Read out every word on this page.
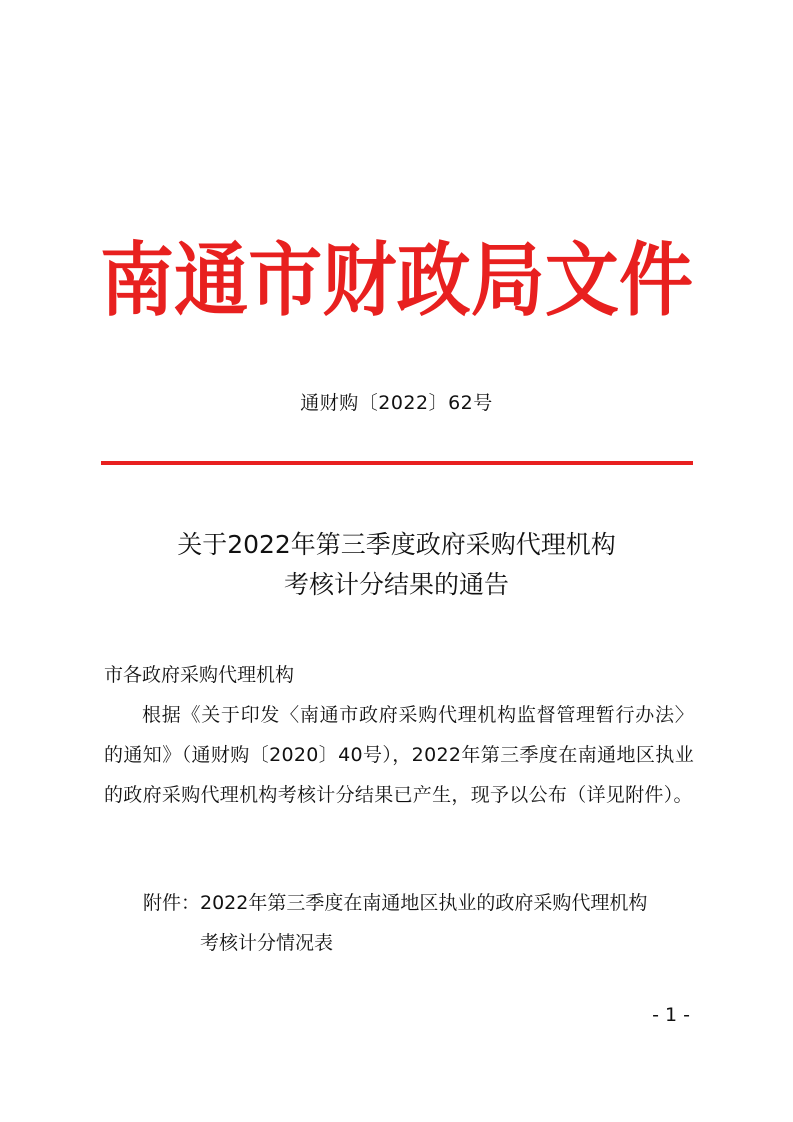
南 通 市 财 政 局 文 件
通财购〔2022〕62号
关于2022年第三季度政府采购代理机构
考核计分结果的通告
市各政府采购代理机构
根据《关于印发〈南通市政府采购代理机构监督管理暂行办法〉的通知》（通财购〔2020〕40号），2022年第三季度在南通地区执业的政府采购代理机构考核计分结果已产生，现予以公布（详见附件）。
附件：2022年第三季度在南通地区执业的政府采购代理机构
考核计分情况表
- 1 -
